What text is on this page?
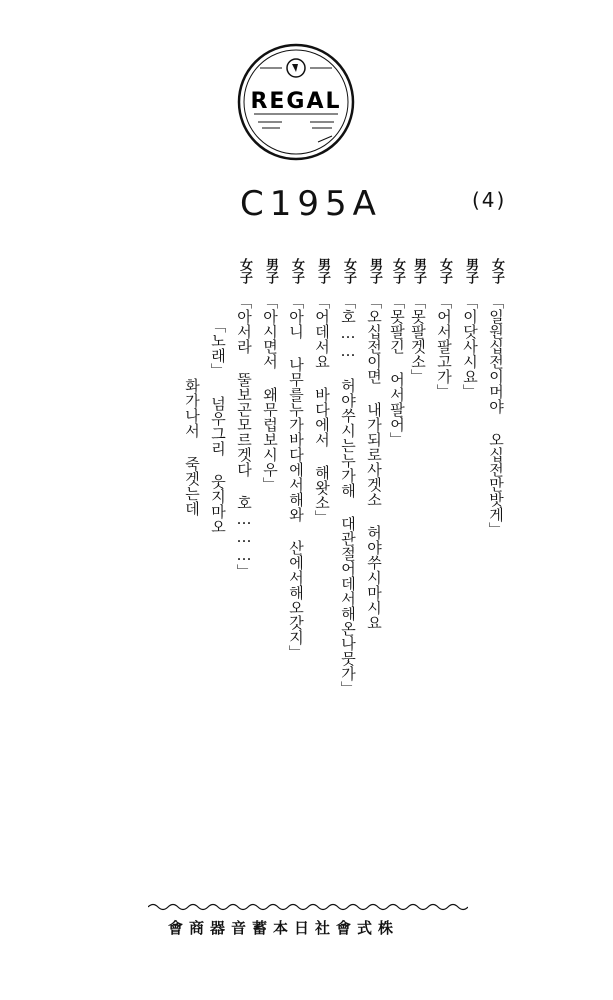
REGAL
C195A	(4)
女子「일원십전이머야 오십전만밧게」
男子「이닷사시요」
女子「어서팔고가」
男子「못팔겟소」
女子「못팔긴 어서팔어」
男子「오십전이면 내가되로사겟소 허야쑤시마시요
女子「호…… 허야쑤시는누가해 대관절어데서해온나뭇가」
男子「어데서요 바다에서 해왓소」
女子「아니 나무를누가바다에서해와 산에서해오갓지」
男子「아시면서 왜무럽보시우」
女子「아서라 뚤보곤모르겟다 호………」
「노래」 넘우그리 웃지마오
화가나서 죽겟는데
會商器音蓄本日社會式株
